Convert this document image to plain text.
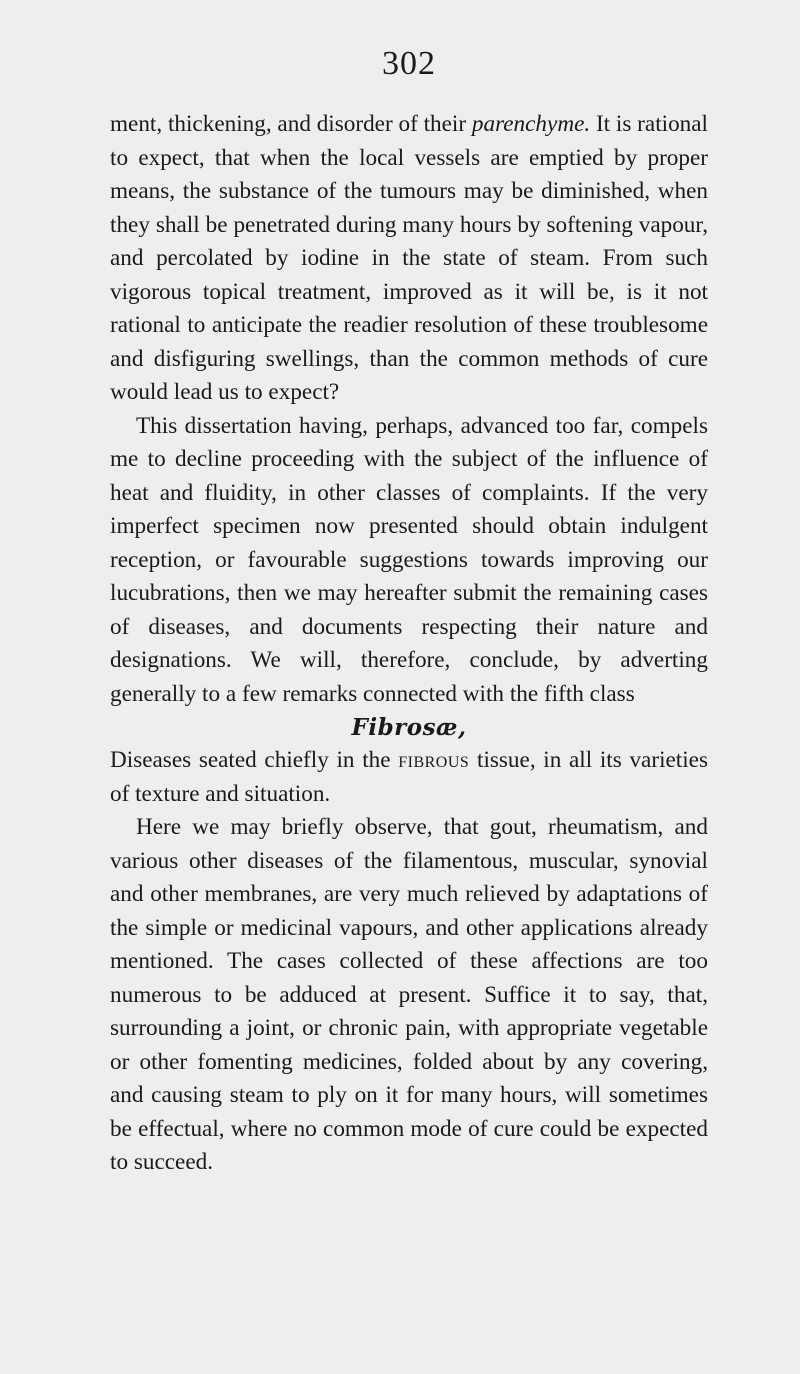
302

ment, thickening, and disorder of their parenchyme. It is rational to expect, that when the local vessels are emptied by proper means, the substance of the tumours may be diminished, when they shall be penetrated during many hours by softening vapour, and percolated by iodine in the state of steam. From such vigorous topical treatment, improved as it will be, is it not rational to anticipate the readier resolution of these troublesome and disfiguring swellings, than the common methods of cure would lead us to expect?

This dissertation having, perhaps, advanced too far, compels me to decline proceeding with the subject of the influence of heat and fluidity, in other classes of complaints. If the very imperfect specimen now presented should obtain indulgent reception, or favourable suggestions towards improving our lucubrations, then we may hereafter submit the remaining cases of diseases, and documents respecting their nature and designations. We will, therefore, conclude, by adverting generally to a few remarks connected with the fifth class

Fibrosæ,

Diseases seated chiefly in the fibrous tissue, in all its varieties of texture and situation.

Here we may briefly observe, that gout, rheumatism, and various other diseases of the filamentous, muscular, synovial and other membranes, are very much relieved by adaptations of the simple or medicinal vapours, and other applications already mentioned. The cases collected of these affections are too numerous to be adduced at present. Suffice it to say, that, surrounding a joint, or chronic pain, with appropriate vegetable or other fomenting medicines, folded about by any covering, and causing steam to ply on it for many hours, will sometimes be effectual, where no common mode of cure could be expected to succeed.
